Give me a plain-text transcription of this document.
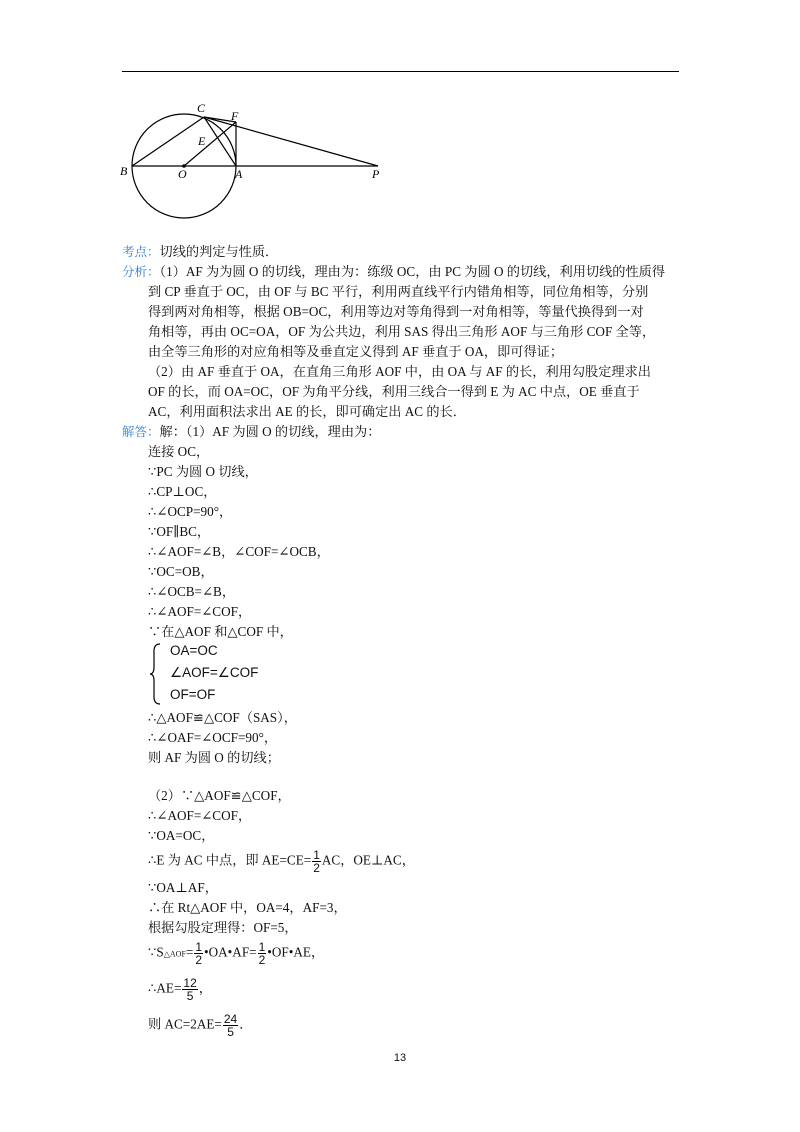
C
F
E
B	O	A	P
考点：切线的判定与性质．
分析：（1）AF 为为圆 O 的切线，理由为：练级 OC，由 PC 为圆 O 的切线，利用切线的性质得
到 CP 垂直于 OC，由 OF 与 BC 平行，利用两直线平行内错角相等，同位角相等，分别
得到两对角相等，根据 OB=OC，利用等边对等角得到一对角相等，等量代换得到一对
角相等，再由 OC=OA，OF 为公共边，利用 SAS 得出三角形 AOF 与三角形 COF 全等，
由全等三角形的对应角相等及垂直定义得到 AF 垂直于 OA，即可得证；
（2）由 AF 垂直于 OA，在直角三角形 AOF 中，由 OA 与 AF 的长，利用勾股定理求出
OF 的长，而 OA=OC，OF 为角平分线，利用三线合一得到 E 为 AC 中点，OE 垂直于
AC，利用面积法求出 AE 的长，即可确定出 AC 的长．
解答：解：（1）AF 为圆 O 的切线，理由为：
连接 OC，
∵PC 为圆 O 切线，
∴CP⊥OC，
∴∠OCP=90°，
∵OF∥BC，
∴∠AOF=∠B，∠COF=∠OCB，
∵OC=OB，
∴∠OCB=∠B，
∴∠AOF=∠COF，
∵在△AOF 和△COF 中，
OA=OC
∠AOF=∠COF
OF=OF
∴△AOF≌△COF（SAS），
∴∠OAF=∠OCF=90°，
则 AF 为圆 O 的切线；
（2）∵△AOF≌△COF，
∴∠AOF=∠COF，
∵OA=OC，
∴E 为 AC 中点，即 $AE=CE= \frac{1}{2}$ AC，OE⊥AC，
∵OA⊥AF，
∴在 Rt△AOF 中，OA=4，AF=3，
根据勾股定理得：OF=5，
∵S△AOF= $\frac{1}{2}$ •OA•AF= $\frac{1}{2}$ •OF•AE，
∴AE= $\frac{12}{5}$ ，
则 $AC=2AE= \frac{24}{5}$ ．
13
